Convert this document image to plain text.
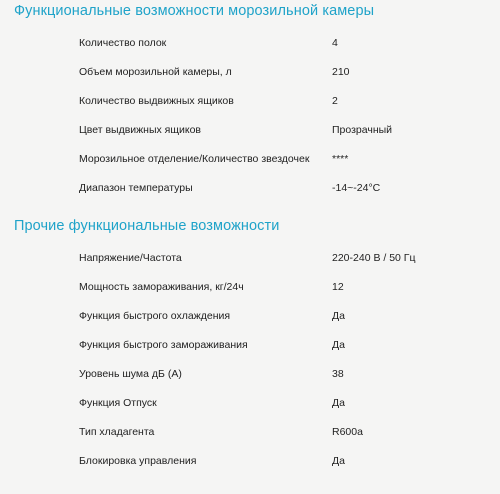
Функциональные возможности морозильной камеры
Количество полок	4
Объем морозильной камеры, л	210
Количество выдвижных ящиков	2
Цвет выдвижных ящиков	Прозрачный
Морозильное отделение/Количество звездочек	****
Диапазон температуры	-14~-24°C
Прочие функциональные возможности
Напряжение/Частота	220-240 В / 50 Гц
Мощность замораживания, кг/24ч	12
Функция быстрого охлаждения	Да
Функция быстрого замораживания	Да
Уровень шума дБ (А)	38
Функция Отпуск	Да
Тип хладагента	R600a
Блокировка управления	Да
